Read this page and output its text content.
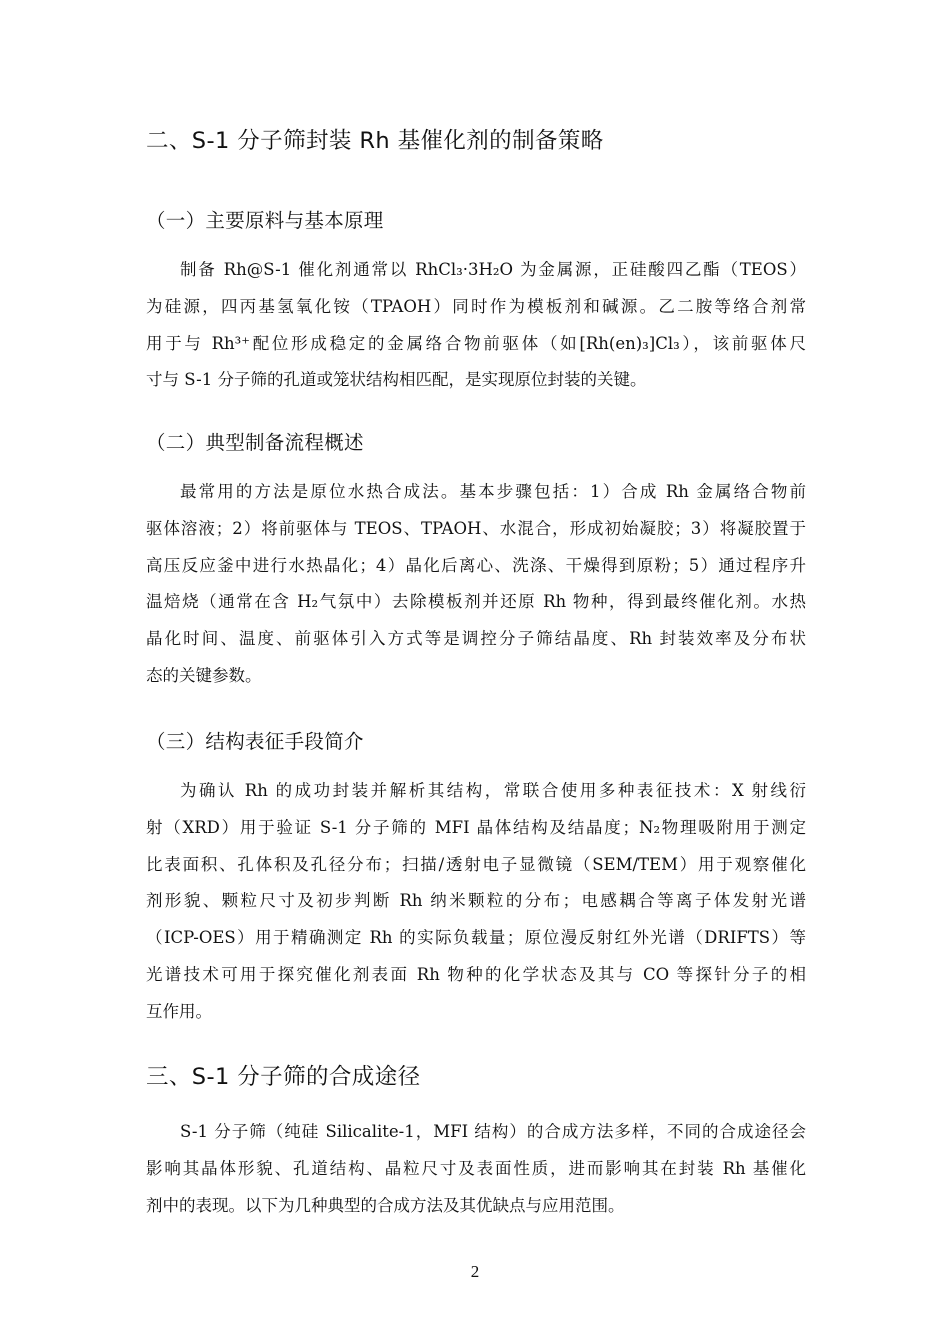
二、S-1 分子筛封装 Rh 基催化剂的制备策略
（一）主要原料与基本原理
制备 Rh@S-1 催化剂通常以 RhCl₃·3H₂O 为金属源，正硅酸四乙酯（TEOS）
为硅源，四丙基氢氧化铵（TPAOH）同时作为模板剂和碱源。乙二胺等络合剂常
用于与 Rh³⁺配位形成稳定的金属络合物前驱体（如[Rh(en)₃]Cl₃），该前驱体尺
寸与 S-1 分子筛的孔道或笼状结构相匹配，是实现原位封装的关键。
（二）典型制备流程概述
最常用的方法是原位水热合成法。基本步骤包括：1）合成 Rh 金属络合物前
驱体溶液；2）将前驱体与 TEOS、TPAOH、水混合，形成初始凝胶；3）将凝胶置于
高压反应釜中进行水热晶化；4）晶化后离心、洗涤、干燥得到原粉；5）通过程序升
温焙烧（通常在含 H₂气氛中）去除模板剂并还原 Rh 物种，得到最终催化剂。水热
晶化时间、温度、前驱体引入方式等是调控分子筛结晶度、Rh 封装效率及分布状
态的关键参数。
（三）结构表征手段简介
为确认 Rh 的成功封装并解析其结构，常联合使用多种表征技术：X 射线衍
射（XRD）用于验证 S-1 分子筛的 MFI 晶体结构及结晶度；N₂物理吸附用于测定
比表面积、孔体积及孔径分布；扫描/透射电子显微镜（SEM/TEM）用于观察催化
剂形貌、颗粒尺寸及初步判断 Rh 纳米颗粒的分布；电感耦合等离子体发射光谱
（ICP-OES）用于精确测定 Rh 的实际负载量；原位漫反射红外光谱（DRIFTS）等
光谱技术可用于探究催化剂表面 Rh 物种的化学状态及其与 CO 等探针分子的相
互作用。
三、S-1 分子筛的合成途径
S-1 分子筛（纯硅 Silicalite-1，MFI 结构）的合成方法多样，不同的合成途径会
影响其晶体形貌、孔道结构、晶粒尺寸及表面性质，进而影响其在封装 Rh 基催化
剂中的表现。以下为几种典型的合成方法及其优缺点与应用范围。
2
